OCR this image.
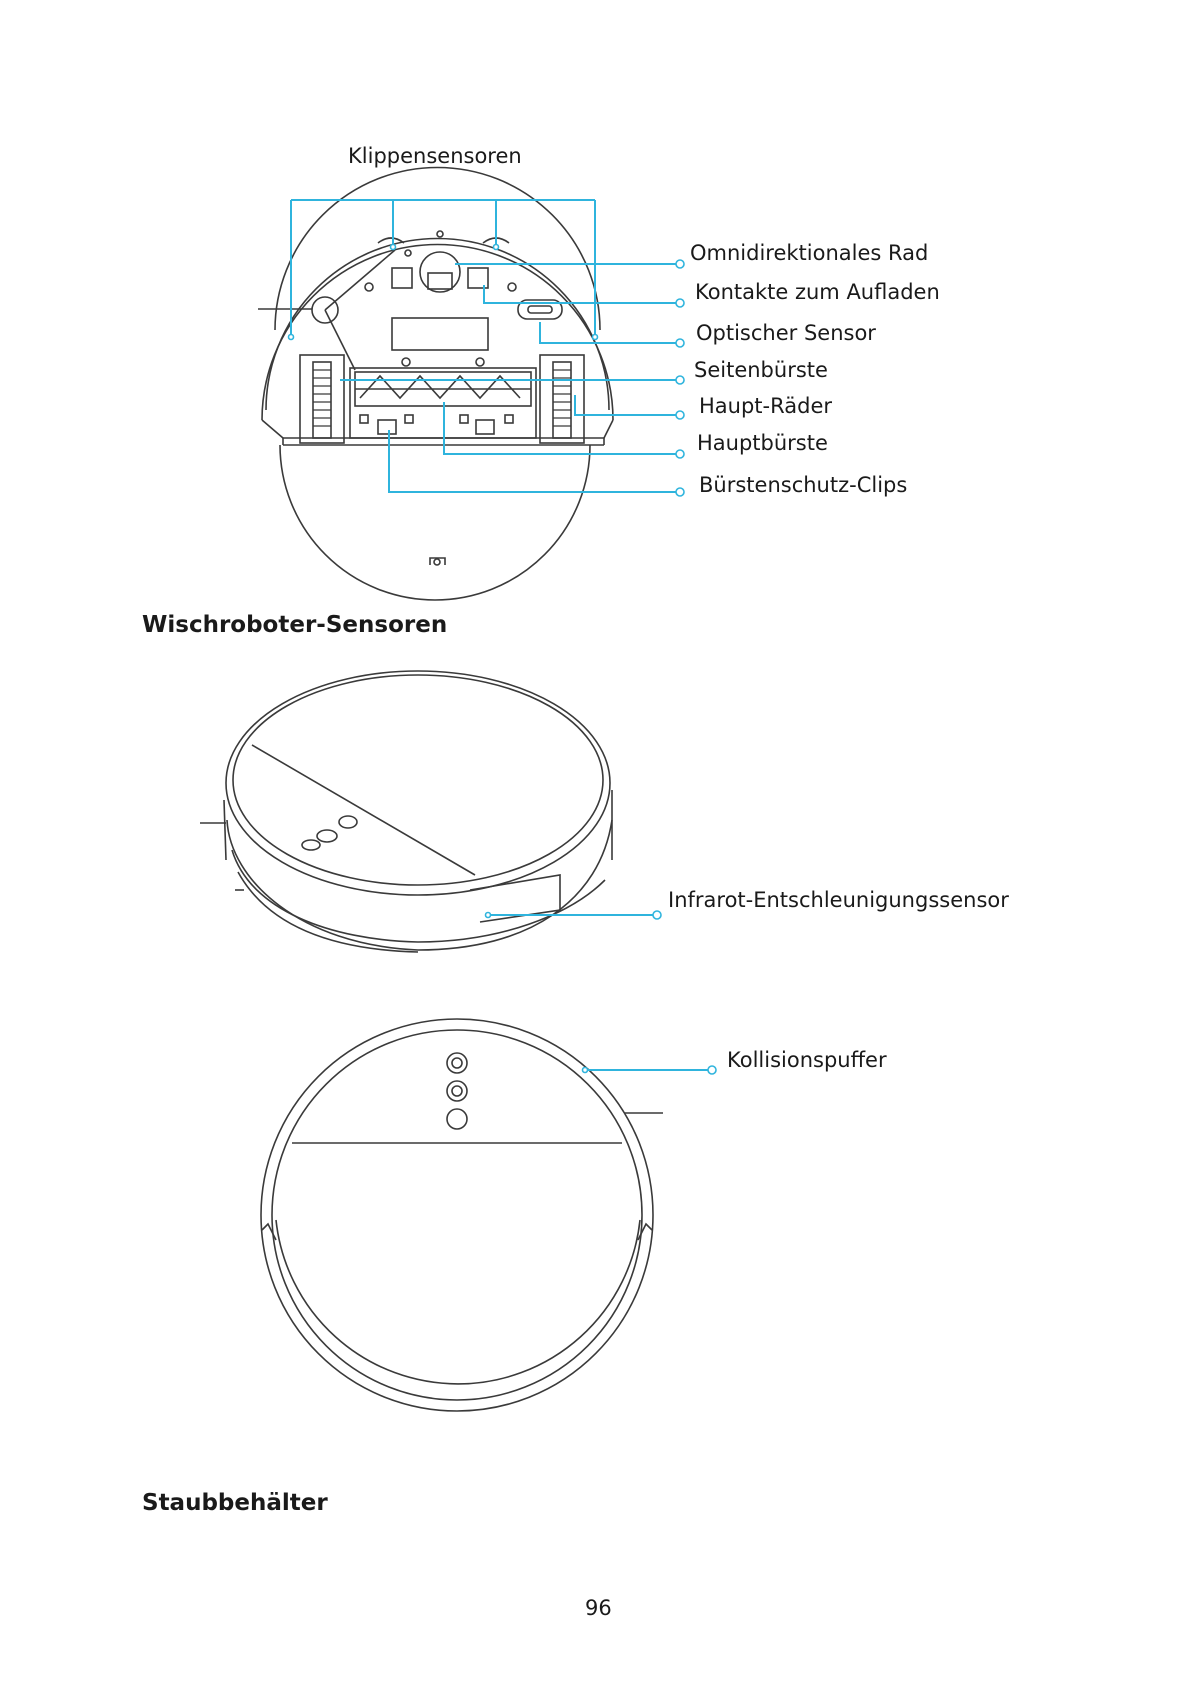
Klippensensoren
Omnidirektionales Rad
Kontakte zum Aufladen
Optischer Sensor
Seitenbürste
Haupt-Räder
Hauptbürste
Bürstenschutz-Clips
Wischroboter-Sensoren
Infrarot-Entschleunigungssensor
Kollisionspuffer
Staubbehälter
96
